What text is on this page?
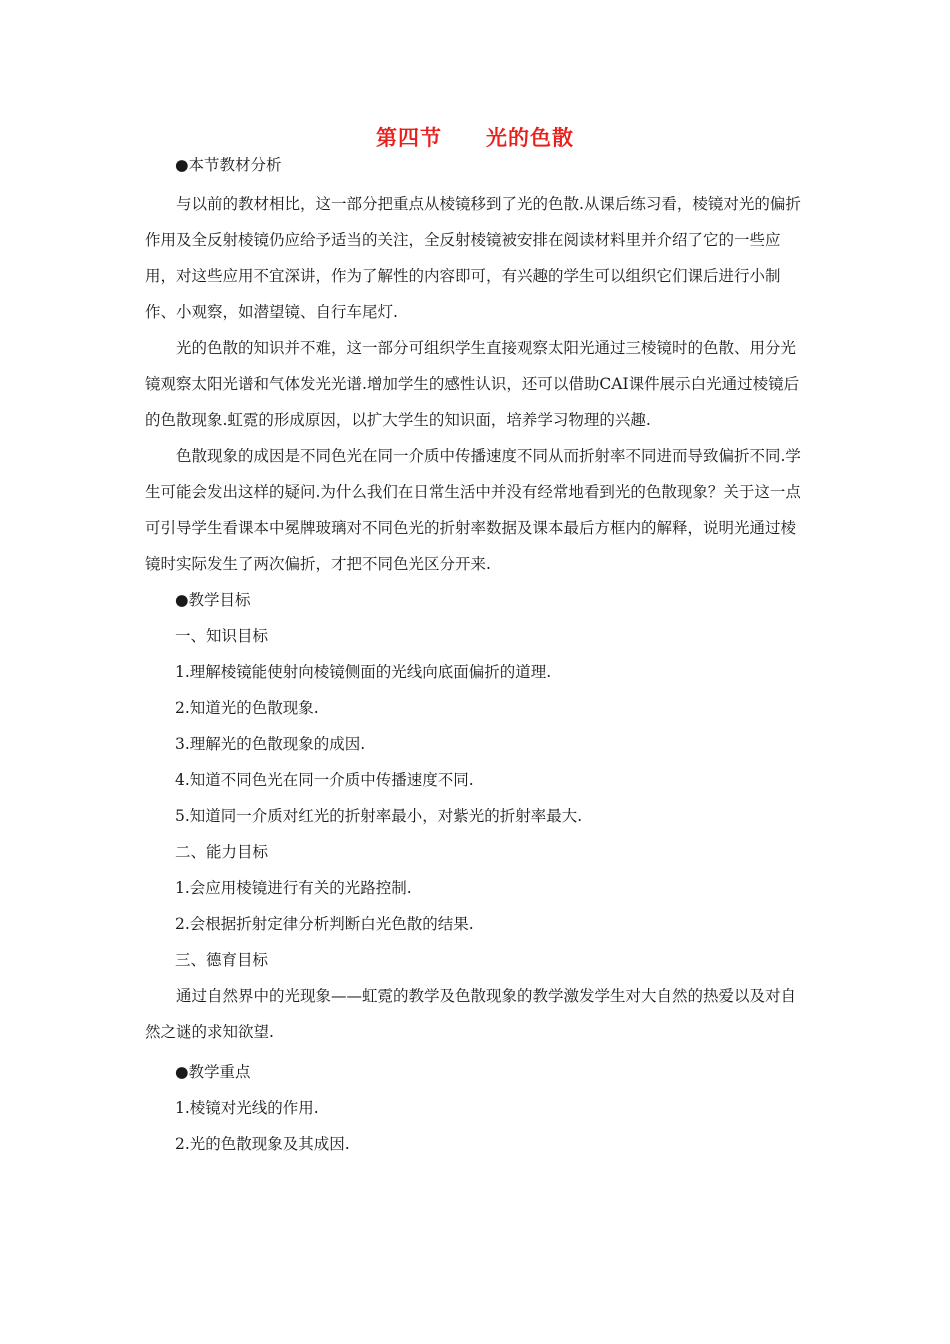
第四节　　光的色散
●本节教材分析

与以前的教材相比，这一部分把重点从棱镜移到了光的色散.从课后练习看，棱镜对光的偏折作用及全反射棱镜仍应给予适当的关注，全反射棱镜被安排在阅读材料里并介绍了它的一些应用，对这些应用不宜深讲，作为了解性的内容即可，有兴趣的学生可以组织它们课后进行小制作、小观察，如潜望镜、自行车尾灯.

光的色散的知识并不难，这一部分可组织学生直接观察太阳光通过三棱镜时的色散、用分光镜观察太阳光谱和气体发光光谱.增加学生的感性认识，还可以借助CAI课件展示白光通过棱镜后的色散现象.虹霓的形成原因，以扩大学生的知识面，培养学习物理的兴趣.

色散现象的成因是不同色光在同一介质中传播速度不同从而折射率不同进而导致偏折不同.学生可能会发出这样的疑问.为什么我们在日常生活中并没有经常地看到光的色散现象？关于这一点可引导学生看课本中冕牌玻璃对不同色光的折射率数据及课本最后方框内的解释，说明光通过棱镜时实际发生了两次偏折，才把不同色光区分开来.

●教学目标
一、知识目标
1.理解棱镜能使射向棱镜侧面的光线向底面偏折的道理.
2.知道光的色散现象.
3.理解光的色散现象的成因.
4.知道不同色光在同一介质中传播速度不同.
5.知道同一介质对红光的折射率最小，对紫光的折射率最大.
二、能力目标
1.会应用棱镜进行有关的光路控制.
2.会根据折射定律分析判断白光色散的结果.
三、德育目标

通过自然界中的光现象——虹霓的教学及色散现象的教学激发学生对大自然的热爱以及对自然之谜的求知欲望.

●教学重点
1.棱镜对光线的作用.
2.光的色散现象及其成因.
